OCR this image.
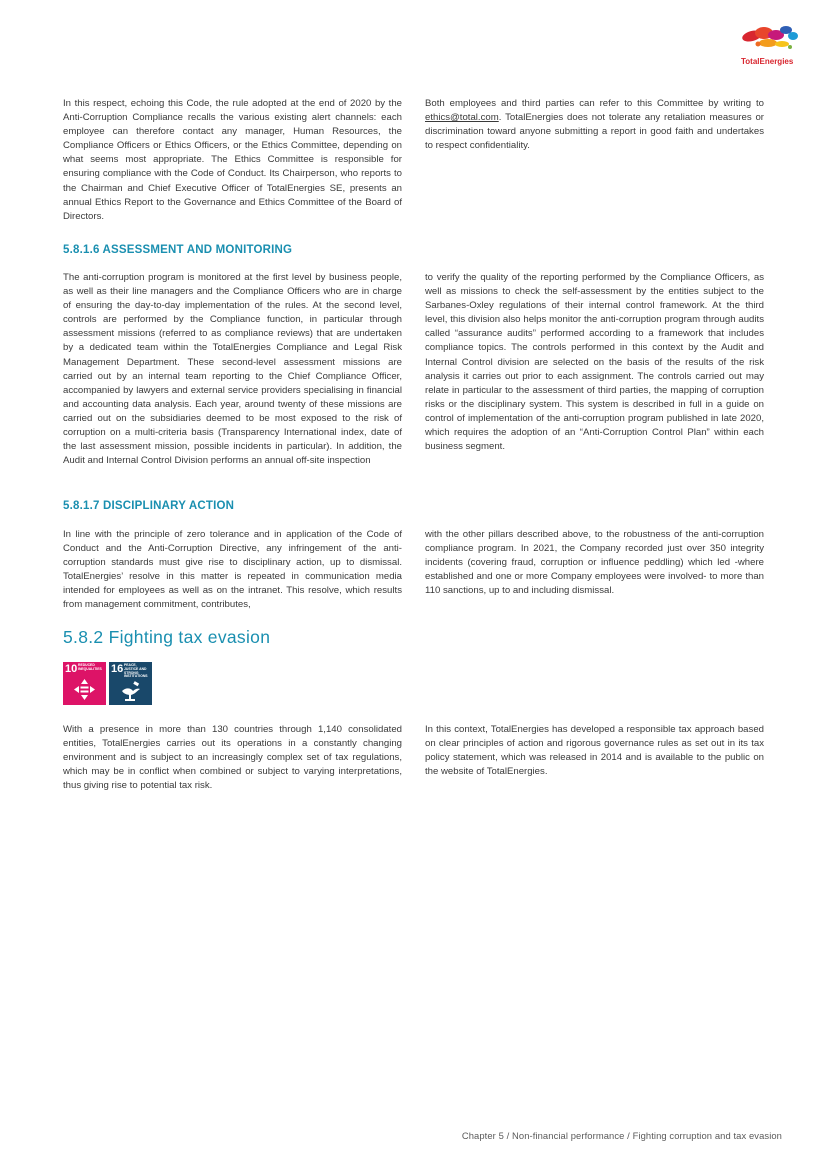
TotalEnergies

In this respect, echoing this Code, the rule adopted at the end of 2020 by the Anti-Corruption Compliance recalls the various existing alert channels: each employee can therefore contact any manager, Human Resources, the Compliance Officers or Ethics Officers, or the Ethics Committee, depending on what seems most appropriate. The Ethics Committee is responsible for ensuring compliance with the Code of Conduct. Its Chairperson, who reports to the Chairman and Chief Executive Officer of TotalEnergies SE, presents an annual Ethics Report to the Governance and Ethics Committee of the Board of Directors.

Both employees and third parties can refer to this Committee by writing to ethics@total.com. TotalEnergies does not tolerate any retaliation measures or discrimination toward anyone submitting a report in good faith and undertakes to respect confidentiality.

5.8.1.6 ASSESSMENT AND MONITORING

The anti-corruption program is monitored at the first level by business people, as well as their line managers and the Compliance Officers who are in charge of ensuring the day-to-day implementation of the rules. At the second level, controls are performed by the Compliance function, in particular through assessment missions (referred to as compliance reviews) that are undertaken by a dedicated team within the TotalEnergies Compliance and Legal Risk Management Department. These second-level assessment missions are carried out by an internal team reporting to the Chief Compliance Officer, accompanied by lawyers and external service providers specialising in financial and accounting data analysis. Each year, around twenty of these missions are carried out on the subsidiaries deemed to be most exposed to the risk of corruption on a multi-criteria basis (Transparency International index, date of the last assessment mission, possible incidents in particular). In addition, the Audit and Internal Control Division performs an annual off-site inspection

to verify the quality of the reporting performed by the Compliance Officers, as well as missions to check the self-assessment by the entities subject to the Sarbanes-Oxley regulations of their internal control framework. At the third level, this division also helps monitor the anti-corruption program through audits called “assurance audits” performed according to a framework that includes compliance topics. The controls performed in this context by the Audit and Internal Control division are selected on the basis of the results of the risk analysis it carries out prior to each assignment. The controls carried out may relate in particular to the assessment of third parties, the mapping of corruption risks or the disciplinary system. This system is described in full in a guide on control of implementation of the anti-corruption program published in late 2020, which requires the adoption of an “Anti-Corruption Control Plan” within each business segment.

5.8.1.7 DISCIPLINARY ACTION

In line with the principle of zero tolerance and in application of the Code of Conduct and the Anti-Corruption Directive, any infringement of the anti-corruption standards must give rise to disciplinary action, up to dismissal. TotalEnergies’ resolve in this matter is repeated in communication media intended for employees as well as on the intranet. This resolve, which results from management commitment, contributes,

with the other pillars described above, to the robustness of the anti-corruption compliance program. In 2021, the Company recorded just over 350 integrity incidents (covering fraud, corruption or influence peddling) which led -where established and one or more Company employees were involved- to more than 110 sanctions, up to and including dismissal.

5.8.2 Fighting tax evasion
10 REDUCED INEQUALITIES 16 PEACE, JUSTICE AND STRONG INSTITUTIONS

With a presence in more than 130 countries through 1,140 consolidated entities, TotalEnergies carries out its operations in a constantly changing environment and is subject to an increasingly complex set of tax regulations, which may be in conflict when combined or subject to varying interpretations, thus giving rise to potential tax risk.

In this context, TotalEnergies has developed a responsible tax approach based on clear principles of action and rigorous governance rules as set out in its tax policy statement, which was released in 2014 and is available to the public on the website of TotalEnergies.

Chapter 5 / Non-financial performance / Fighting corruption and tax evasion
